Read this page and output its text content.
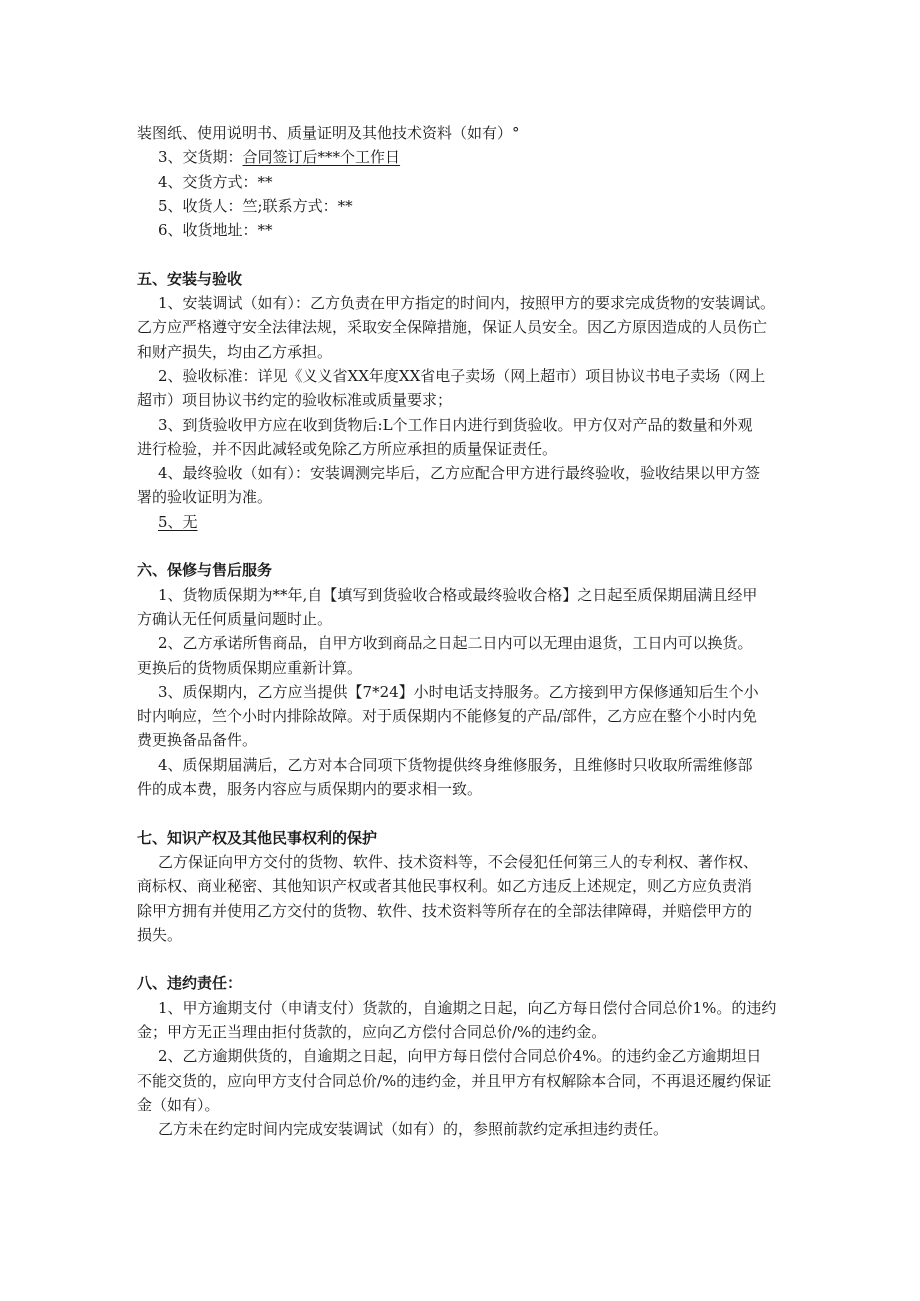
装图纸、使用说明书、质量证明及其他技术资料（如有）°
3、交货期：合同签订后***个工作日
4、交货方式：**
5、收货人：竺;联系方式：**
6、收货地址：**
五、安装与验收
1、安装调试（如有）：乙方负责在甲方指定的时间内，按照甲方的要求完成货物的安装调试。
乙方应严格遵守安全法律法规，采取安全保障措施，保证人员安全。因乙方原因造成的人员伤亡
和财产损失，均由乙方承担。
2、验收标准：详见《义义省XX年度XX省电子卖场（网上超市）项目协议书电子卖场（网上
超市）项目协议书约定的验收标准或质量要求；
3、到货验收甲方应在收到货物后:L个工作日内进行到货验收。甲方仅对产品的数量和外观
进行检验，并不因此减轻或免除乙方所应承担的质量保证责任。
4、最终验收（如有）：安装调测完毕后，乙方应配合甲方进行最终验收，验收结果以甲方签
署的验收证明为准。
5、无
六、保修与售后服务
1、货物质保期为**年,自【填写到货验收合格或最终验收合格】之日起至质保期届满且经甲
方确认无任何质量问题时止。
2、乙方承诺所售商品，自甲方收到商品之日起二日内可以无理由退货，工日内可以换货。
更换后的货物质保期应重新计算。
3、质保期内，乙方应当提供【7*24】小时电话支持服务。乙方接到甲方保修通知后生个小
时内响应，竺个小时内排除故障。对于质保期内不能修复的产品/部件，乙方应在整个小时内免
费更换备品备件。
4、质保期届满后，乙方对本合同项下货物提供终身维修服务，且维修时只收取所需维修部
件的成本费，服务内容应与质保期内的要求相一致。
七、知识产权及其他民事权利的保护
乙方保证向甲方交付的货物、软件、技术资料等，不会侵犯任何第三人的专利权、著作权、
商标权、商业秘密、其他知识产权或者其他民事权利。如乙方违反上述规定，则乙方应负责消
除甲方拥有并使用乙方交付的货物、软件、技术资料等所存在的全部法律障碍，并赔偿甲方的
损失。
八、违约责任：
1、甲方逾期支付（申请支付）货款的，自逾期之日起，向乙方每日偿付合同总价1%。的违约
金；甲方无正当理由拒付货款的，应向乙方偿付合同总价/%的违约金。
2、乙方逾期供货的，自逾期之日起，向甲方每日偿付合同总价4%。的违约金乙方逾期坦日
不能交货的，应向甲方支付合同总价/%的违约金，并且甲方有权解除本合同，不再退还履约保证
金（如有）。
乙方未在约定时间内完成安装调试（如有）的，参照前款约定承担违约责任。
